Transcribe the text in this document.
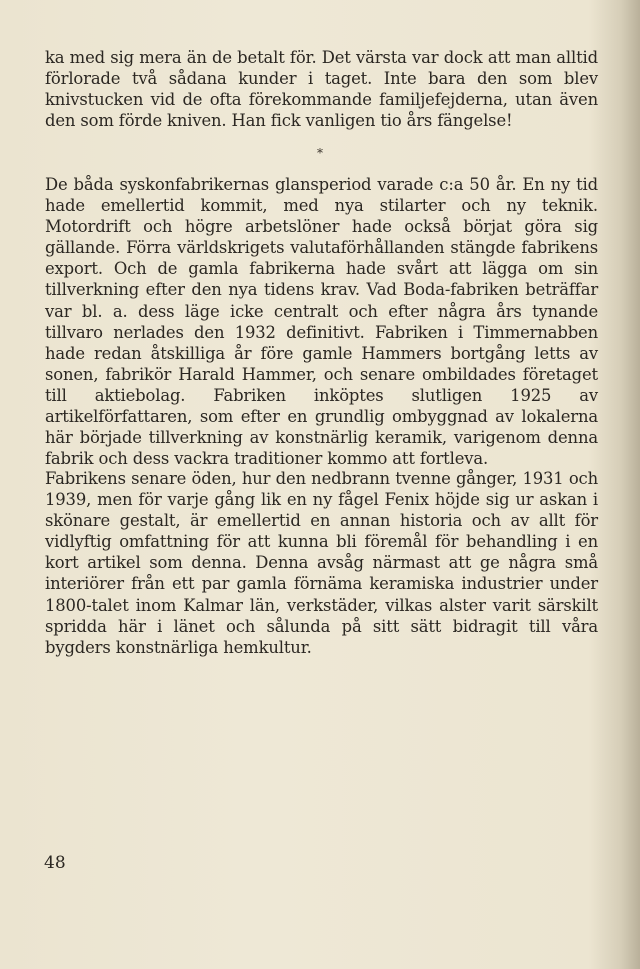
ka med sig mera än de betalt för. Det värsta var dock att man alltid förlorade två sådana kunder i taget. Inte bara den som blev knivstucken vid de ofta förekommande familjefejderna, utan även den som förde kniven. Han fick vanligen tio års fängelse!

*

De båda syskonfabrikernas glansperiod varade c:a 50 år. En ny tid hade emellertid kommit, med nya stilarter och ny teknik. Motordrift och högre arbetslöner hade också börjat göra sig gällande. Förra världskrigets valutaförhållanden stängde fabrikens export. Och de gamla fabrikerna hade svårt att lägga om sin tillverkning efter den nya tidens krav. Vad Boda-fabriken beträffar var bl. a. dess läge icke centralt och efter några års tynande tillvaro nerlades den 1932 definitivt. Fabriken i Timmernabben hade redan åtskilliga år före gamle Hammers bortgång letts av sonen, fabrikör Harald Hammer, och senare ombildades företaget till aktiebolag. Fabriken inköptes slutligen 1925 av artikelförfattaren, som efter en grundlig ombyggnad av lokalerna här började tillverkning av konstnärlig keramik, varigenom denna fabrik och dess vackra traditioner kommo att fortleva.

Fabrikens senare öden, hur den nedbrann tvenne gånger, 1931 och 1939, men för varje gång lik en ny fågel Fenix höjde sig ur askan i skönare gestalt, är emellertid en annan historia och av allt för vidlyftig omfattning för att kunna bli föremål för behandling i en kort artikel som denna. Denna avsåg närmast att ge några små interiörer från ett par gamla förnäma keramiska industrier under 1800-talet inom Kalmar län, verkstäder, vilkas alster varit särskilt spridda här i länet och sålunda på sitt sätt bidragit till våra bygders konstnärliga hemkultur.

48
